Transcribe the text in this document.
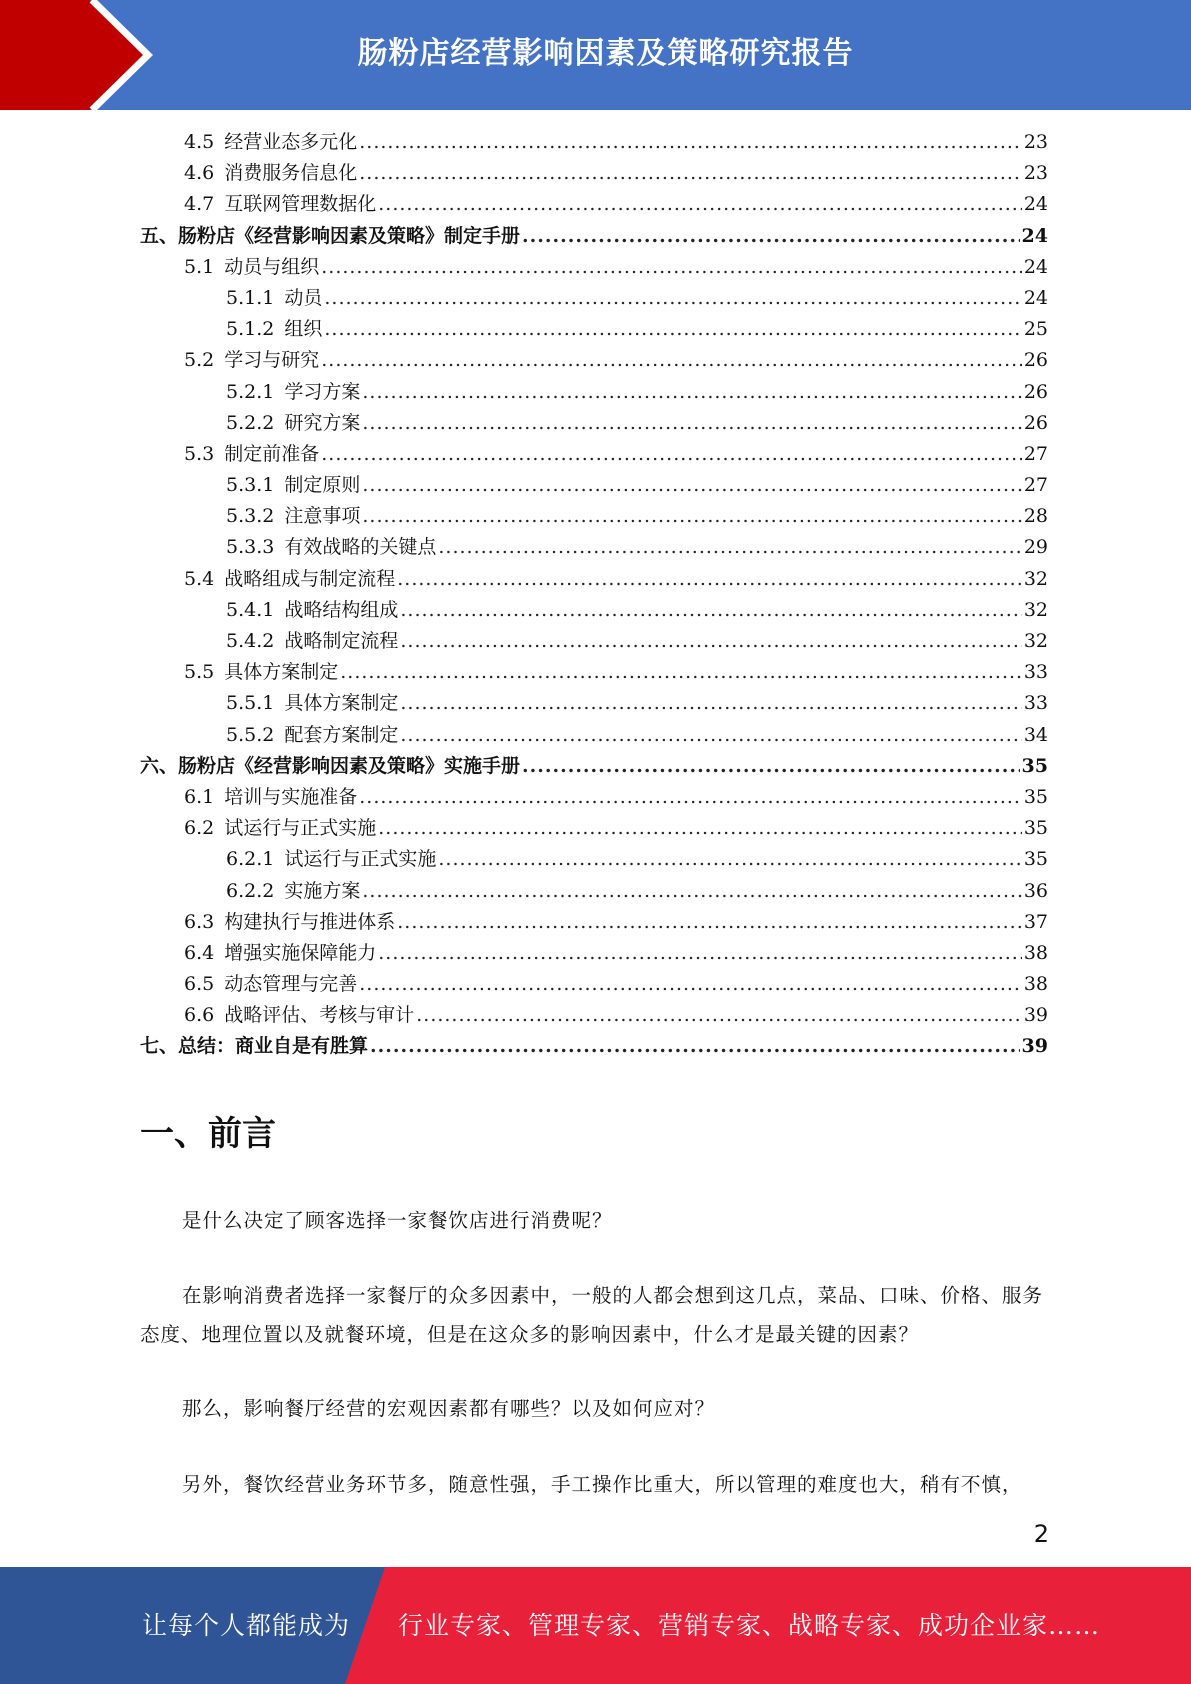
肠粉店经营影响因素及策略研究报告
4.5 经营业态多元化 .....	23
4.6 消费服务信息化 .....	23
4.7 互联网管理数据化 .....	24
五、肠粉店《经营影响因素及策略》制定手册 .....	24
5.1 动员与组织 .....	24
5.1.1 动员 .....	24
5.1.2 组织 .....	25
5.2 学习与研究 .....	26
5.2.1 学习方案 .....	26
5.2.2 研究方案 .....	26
5.3 制定前准备 .....	27
5.3.1 制定原则 .....	27
5.3.2 注意事项 .....	28
5.3.3 有效战略的关键点 .....	29
5.4 战略组成与制定流程 .....	32
5.4.1 战略结构组成 .....	32
5.4.2 战略制定流程 .....	32
5.5 具体方案制定 .....	33
5.5.1 具体方案制定 .....	33
5.5.2 配套方案制定 .....	34
六、肠粉店《经营影响因素及策略》实施手册 .....	35
6.1 培训与实施准备 .....	35
6.2 试运行与正式实施 .....	35
6.2.1 试运行与正式实施 .....	35
6.2.2 实施方案 .....	36
6.3 构建执行与推进体系 .....	37
6.4 增强实施保障能力 .....	38
6.5 动态管理与完善 .....	38
6.6 战略评估、考核与审计 .....	39
七、总结：商业自是有胜算 .....	39
一、前言

是什么决定了顾客选择一家餐饮店进行消费呢？

在影响消费者选择一家餐厅的众多因素中，一般的人都会想到这几点，菜品、口味、价格、服务态度、地理位置以及就餐环境，但是在这众多的影响因素中，什么才是最关键的因素？

那么，影响餐厅经营的宏观因素都有哪些？以及如何应对？

另外，餐饮经营业务环节多，随意性强，手工操作比重大，所以管理的难度也大，稍有不慎，

2
让每个人都能成为 行业专家、管理专家、营销专家、战略专家、成功企业家……
